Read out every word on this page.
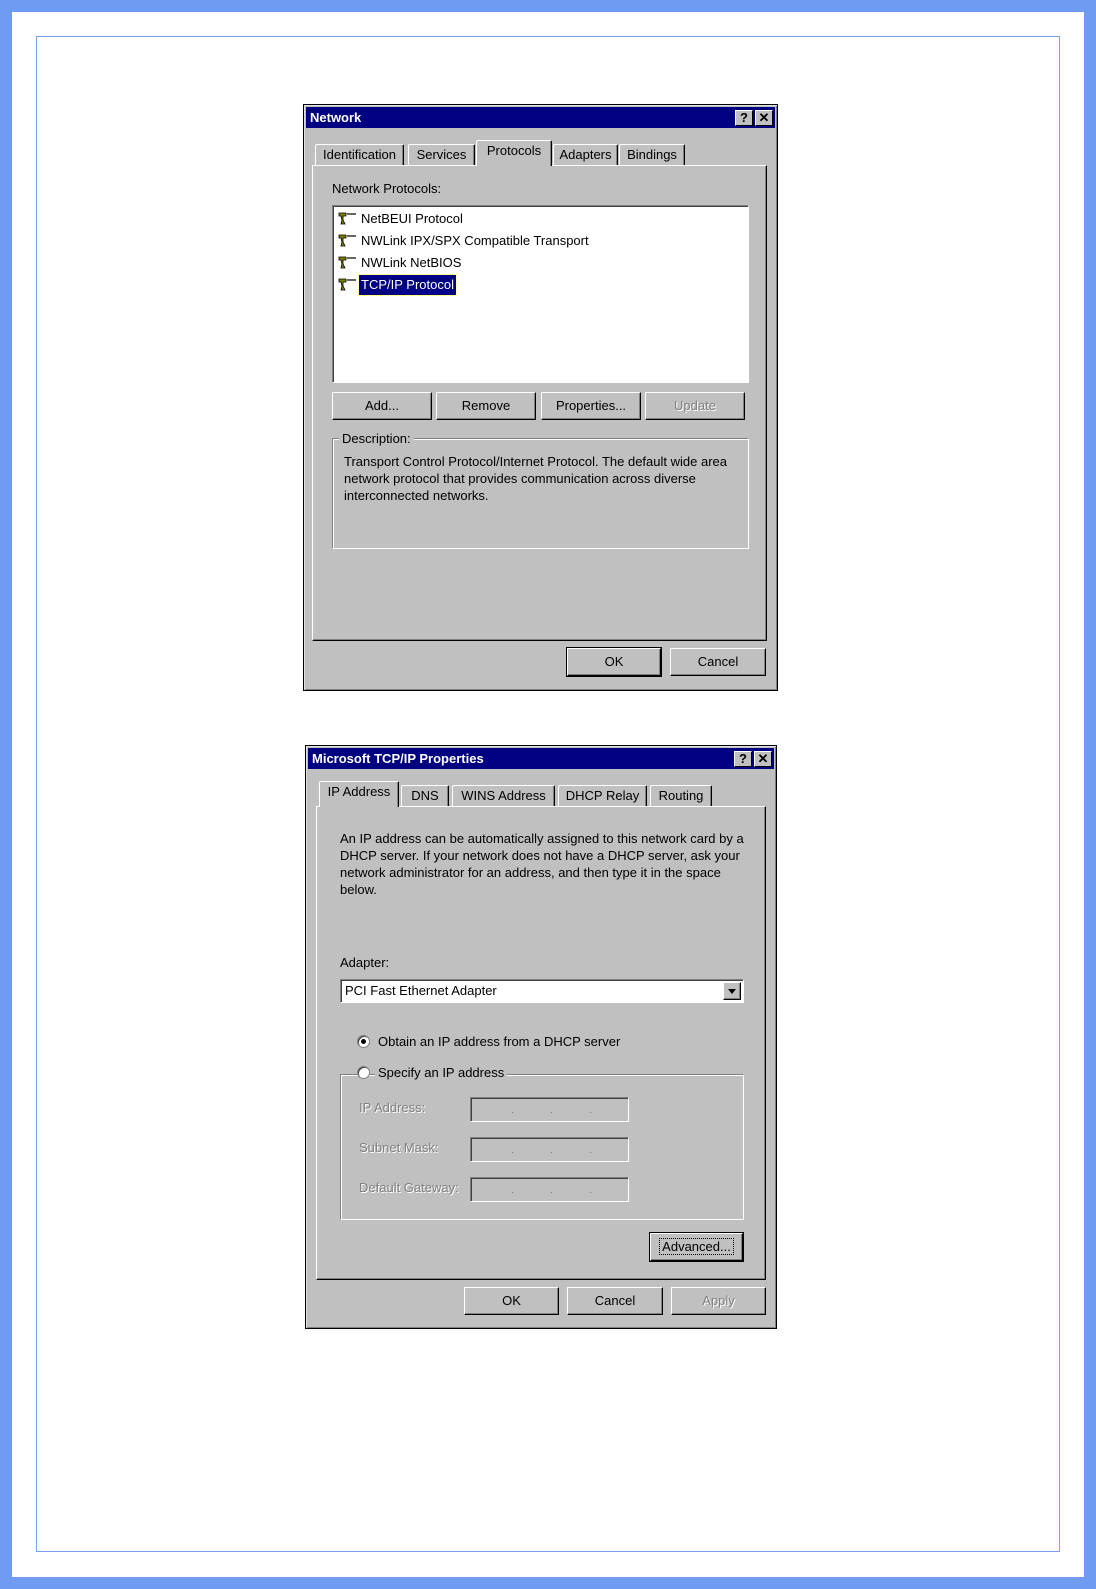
Network	? ✕
Identification	Services	Protocols	Adapters	Bindings
Network Protocols:
NetBEUI Protocol
NWLink IPX/SPX Compatible Transport
NWLink NetBIOS
TCP/IP Protocol
Add...	Remove	Properties...	Update
Description:
Transport Control Protocol/Internet Protocol. The default wide area network protocol that provides communication across diverse interconnected networks.
OK	Cancel
Microsoft TCP/IP Properties	? ✕
IP Address	DNS	WINS Address	DHCP Relay	Routing
An IP address can be automatically assigned to this network card by a DHCP server. If your network does not have a DHCP server, ask your network administrator for an address, and then type it in the space below.
Adapter:
PCI Fast Ethernet Adapter
Obtain an IP address from a DHCP server
Specify an IP address
IP Address:	...
Subnet Mask:	...
Default Gateway:	...
Advanced...
OK	Cancel	Apply
